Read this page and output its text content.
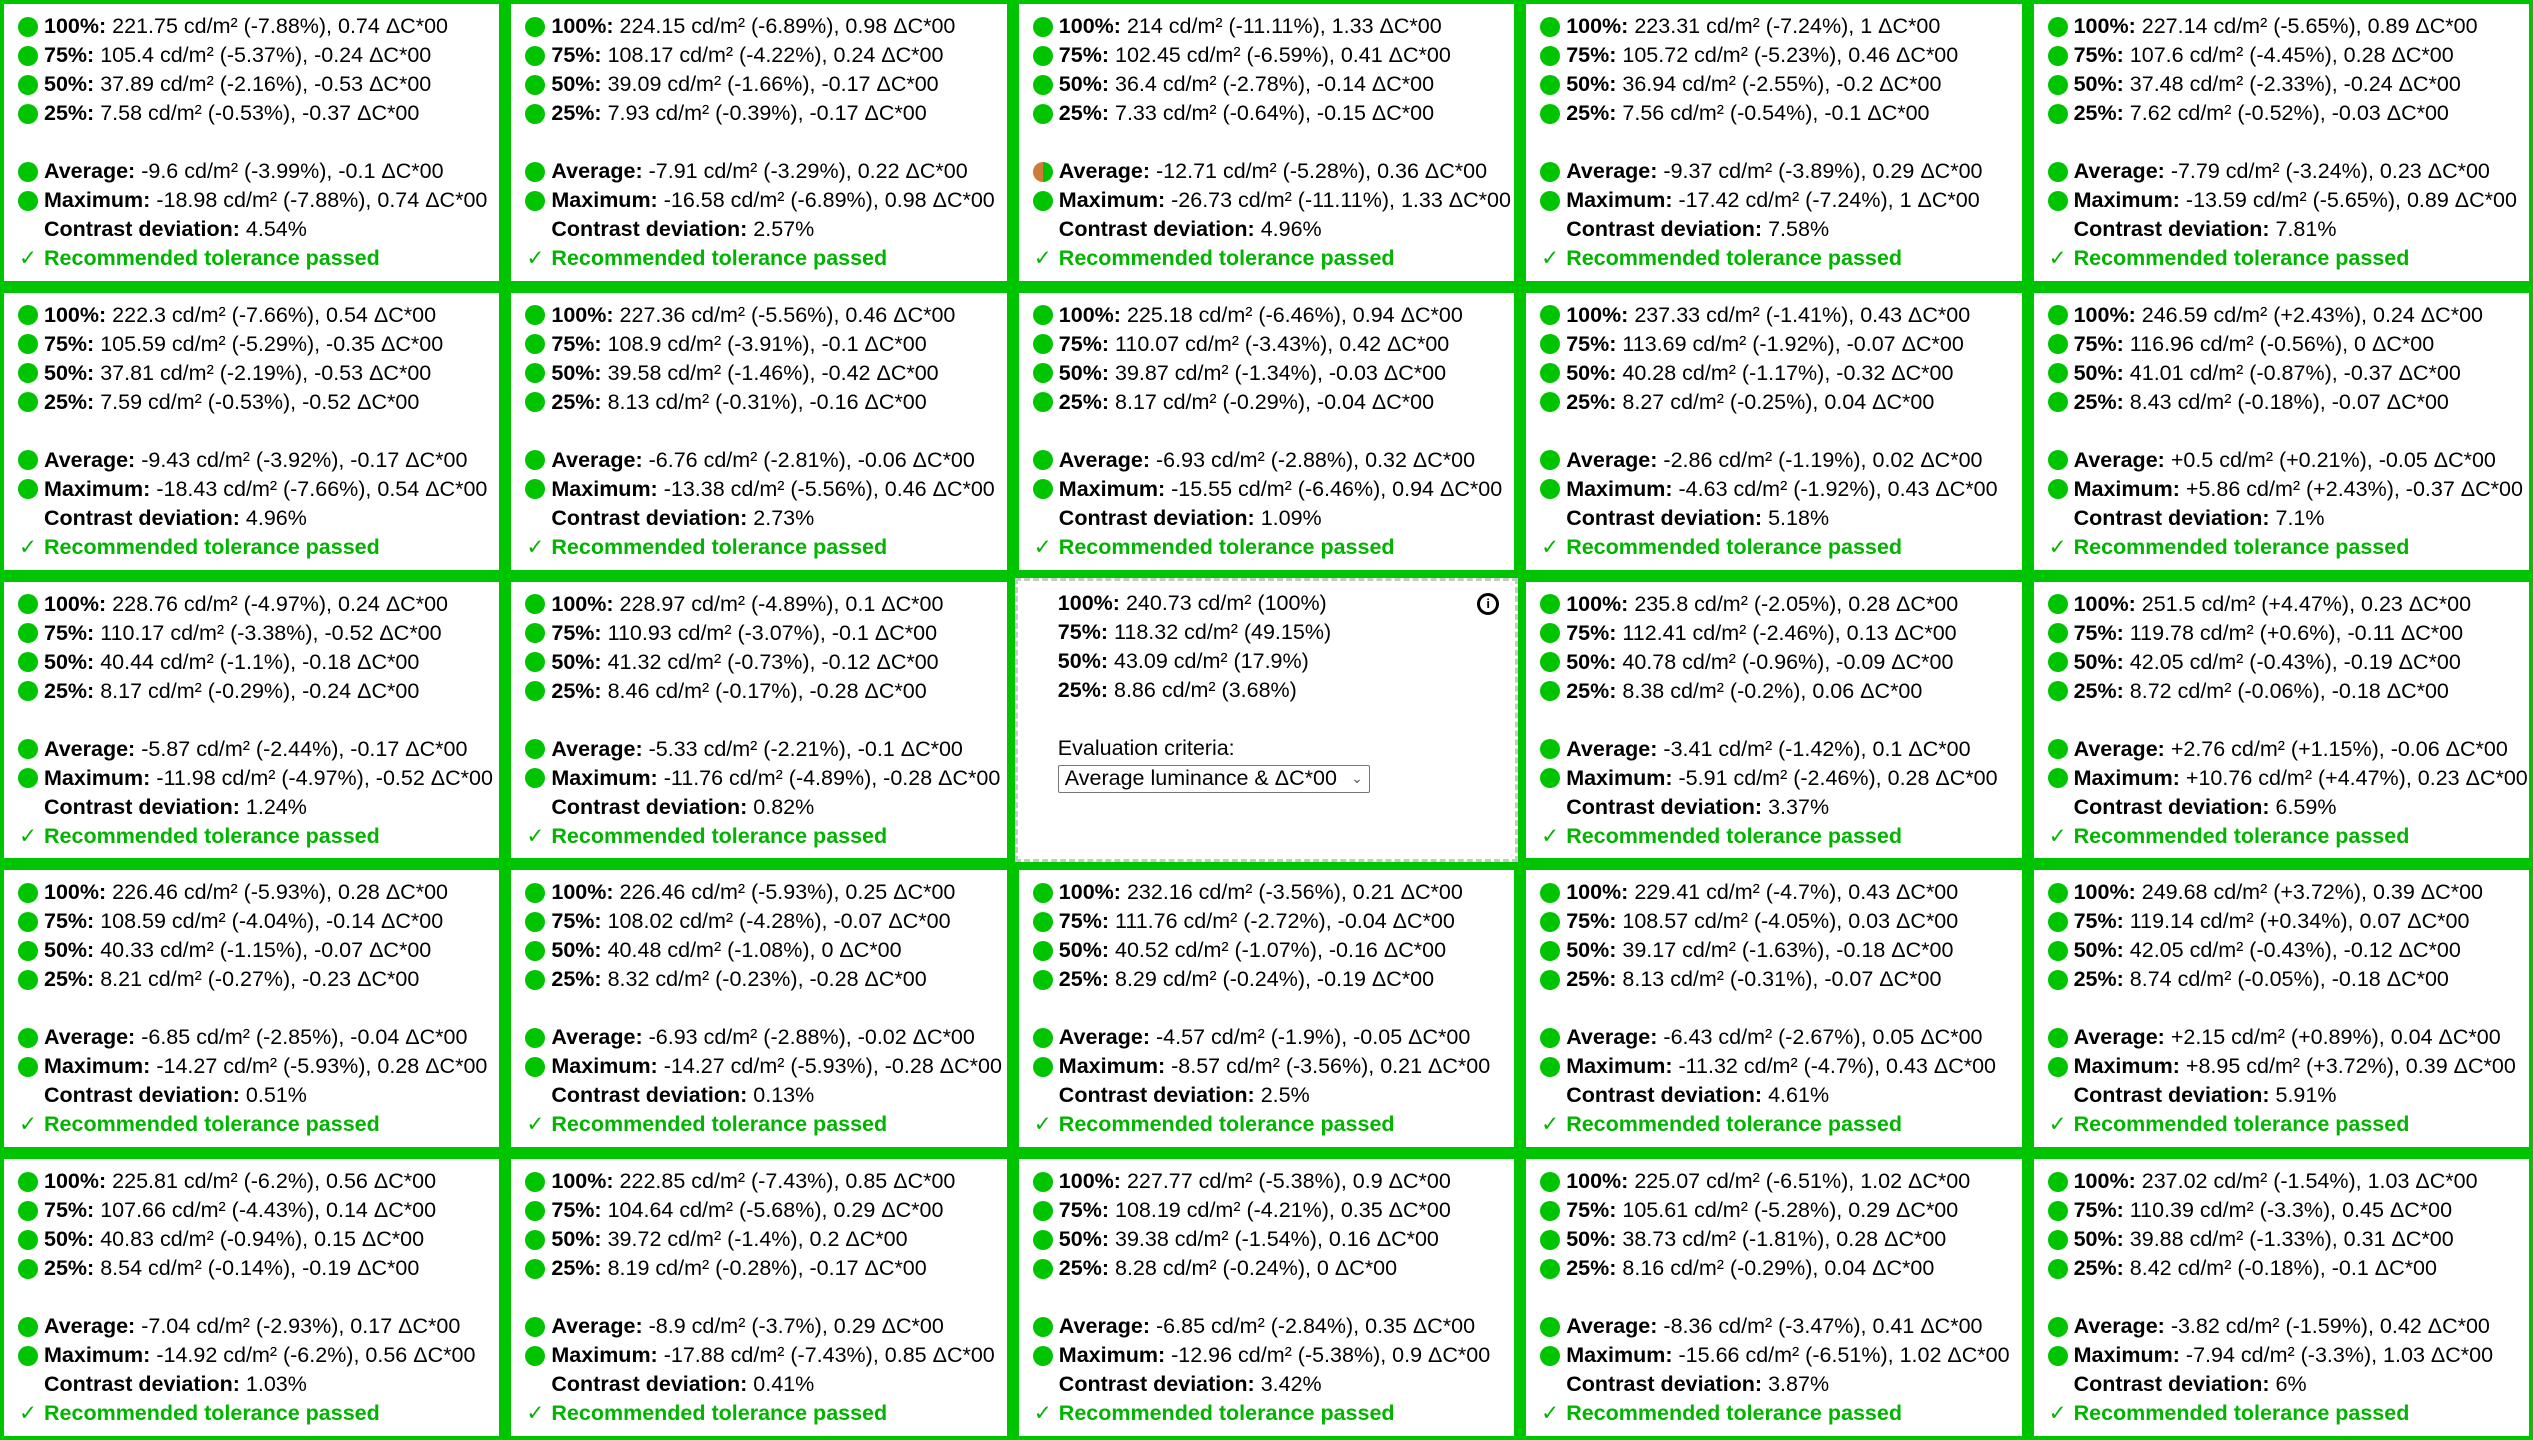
100%: 221.75 cd/m² (-7.88%), 0.74 ΔC*00
75%: 105.4 cd/m² (-5.37%), -0.24 ΔC*00
50%: 37.89 cd/m² (-2.16%), -0.53 ΔC*00
25%: 7.58 cd/m² (-0.53%), -0.37 ΔC*00
Average: -9.6 cd/m² (-3.99%), -0.1 ΔC*00
Maximum: -18.98 cd/m² (-7.88%), 0.74 ΔC*00
Contrast deviation: 4.54%
✓ Recommended tolerance passed
100%: 224.15 cd/m² (-6.89%), 0.98 ΔC*00
75%: 108.17 cd/m² (-4.22%), 0.24 ΔC*00
50%: 39.09 cd/m² (-1.66%), -0.17 ΔC*00
25%: 7.93 cd/m² (-0.39%), -0.17 ΔC*00
Average: -7.91 cd/m² (-3.29%), 0.22 ΔC*00
Maximum: -16.58 cd/m² (-6.89%), 0.98 ΔC*00
Contrast deviation: 2.57%
✓ Recommended tolerance passed
100%: 214 cd/m² (-11.11%), 1.33 ΔC*00
75%: 102.45 cd/m² (-6.59%), 0.41 ΔC*00
50%: 36.4 cd/m² (-2.78%), -0.14 ΔC*00
25%: 7.33 cd/m² (-0.64%), -0.15 ΔC*00
Average: -12.71 cd/m² (-5.28%), 0.36 ΔC*00
Maximum: -26.73 cd/m² (-11.11%), 1.33 ΔC*00
Contrast deviation: 4.96%
✓ Recommended tolerance passed
100%: 223.31 cd/m² (-7.24%), 1 ΔC*00
75%: 105.72 cd/m² (-5.23%), 0.46 ΔC*00
50%: 36.94 cd/m² (-2.55%), -0.2 ΔC*00
25%: 7.56 cd/m² (-0.54%), -0.1 ΔC*00
Average: -9.37 cd/m² (-3.89%), 0.29 ΔC*00
Maximum: -17.42 cd/m² (-7.24%), 1 ΔC*00
Contrast deviation: 7.58%
✓ Recommended tolerance passed
100%: 227.14 cd/m² (-5.65%), 0.89 ΔC*00
75%: 107.6 cd/m² (-4.45%), 0.28 ΔC*00
50%: 37.48 cd/m² (-2.33%), -0.24 ΔC*00
25%: 7.62 cd/m² (-0.52%), -0.03 ΔC*00
Average: -7.79 cd/m² (-3.24%), 0.23 ΔC*00
Maximum: -13.59 cd/m² (-5.65%), 0.89 ΔC*00
Contrast deviation: 7.81%
✓ Recommended tolerance passed
100%: 222.3 cd/m² (-7.66%), 0.54 ΔC*00
75%: 105.59 cd/m² (-5.29%), -0.35 ΔC*00
50%: 37.81 cd/m² (-2.19%), -0.53 ΔC*00
25%: 7.59 cd/m² (-0.53%), -0.52 ΔC*00
Average: -9.43 cd/m² (-3.92%), -0.17 ΔC*00
Maximum: -18.43 cd/m² (-7.66%), 0.54 ΔC*00
Contrast deviation: 4.96%
✓ Recommended tolerance passed
100%: 227.36 cd/m² (-5.56%), 0.46 ΔC*00
75%: 108.9 cd/m² (-3.91%), -0.1 ΔC*00
50%: 39.58 cd/m² (-1.46%), -0.42 ΔC*00
25%: 8.13 cd/m² (-0.31%), -0.16 ΔC*00
Average: -6.76 cd/m² (-2.81%), -0.06 ΔC*00
Maximum: -13.38 cd/m² (-5.56%), 0.46 ΔC*00
Contrast deviation: 2.73%
✓ Recommended tolerance passed
100%: 225.18 cd/m² (-6.46%), 0.94 ΔC*00
75%: 110.07 cd/m² (-3.43%), 0.42 ΔC*00
50%: 39.87 cd/m² (-1.34%), -0.03 ΔC*00
25%: 8.17 cd/m² (-0.29%), -0.04 ΔC*00
Average: -6.93 cd/m² (-2.88%), 0.32 ΔC*00
Maximum: -15.55 cd/m² (-6.46%), 0.94 ΔC*00
Contrast deviation: 1.09%
✓ Recommended tolerance passed
100%: 237.33 cd/m² (-1.41%), 0.43 ΔC*00
75%: 113.69 cd/m² (-1.92%), -0.07 ΔC*00
50%: 40.28 cd/m² (-1.17%), -0.32 ΔC*00
25%: 8.27 cd/m² (-0.25%), 0.04 ΔC*00
Average: -2.86 cd/m² (-1.19%), 0.02 ΔC*00
Maximum: -4.63 cd/m² (-1.92%), 0.43 ΔC*00
Contrast deviation: 5.18%
✓ Recommended tolerance passed
100%: 246.59 cd/m² (+2.43%), 0.24 ΔC*00
75%: 116.96 cd/m² (-0.56%), 0 ΔC*00
50%: 41.01 cd/m² (-0.87%), -0.37 ΔC*00
25%: 8.43 cd/m² (-0.18%), -0.07 ΔC*00
Average: +0.5 cd/m² (+0.21%), -0.05 ΔC*00
Maximum: +5.86 cd/m² (+2.43%), -0.37 ΔC*00
Contrast deviation: 7.1%
✓ Recommended tolerance passed
100%: 228.76 cd/m² (-4.97%), 0.24 ΔC*00
75%: 110.17 cd/m² (-3.38%), -0.52 ΔC*00
50%: 40.44 cd/m² (-1.1%), -0.18 ΔC*00
25%: 8.17 cd/m² (-0.29%), -0.24 ΔC*00
Average: -5.87 cd/m² (-2.44%), -0.17 ΔC*00
Maximum: -11.98 cd/m² (-4.97%), -0.52 ΔC*00
Contrast deviation: 1.24%
✓ Recommended tolerance passed
100%: 228.97 cd/m² (-4.89%), 0.1 ΔC*00
75%: 110.93 cd/m² (-3.07%), -0.1 ΔC*00
50%: 41.32 cd/m² (-0.73%), -0.12 ΔC*00
25%: 8.46 cd/m² (-0.17%), -0.28 ΔC*00
Average: -5.33 cd/m² (-2.21%), -0.1 ΔC*00
Maximum: -11.76 cd/m² (-4.89%), -0.28 ΔC*00
Contrast deviation: 0.82%
✓ Recommended tolerance passed
i
100%: 240.73 cd/m² (100%)
75%: 118.32 cd/m² (49.15%)
50%: 43.09 cd/m² (17.9%)
25%: 8.86 cd/m² (3.68%)
Evaluation criteria:
Average luminance & ΔC*00 ⌄
100%: 235.8 cd/m² (-2.05%), 0.28 ΔC*00
75%: 112.41 cd/m² (-2.46%), 0.13 ΔC*00
50%: 40.78 cd/m² (-0.96%), -0.09 ΔC*00
25%: 8.38 cd/m² (-0.2%), 0.06 ΔC*00
Average: -3.41 cd/m² (-1.42%), 0.1 ΔC*00
Maximum: -5.91 cd/m² (-2.46%), 0.28 ΔC*00
Contrast deviation: 3.37%
✓ Recommended tolerance passed
100%: 251.5 cd/m² (+4.47%), 0.23 ΔC*00
75%: 119.78 cd/m² (+0.6%), -0.11 ΔC*00
50%: 42.05 cd/m² (-0.43%), -0.19 ΔC*00
25%: 8.72 cd/m² (-0.06%), -0.18 ΔC*00
Average: +2.76 cd/m² (+1.15%), -0.06 ΔC*00
Maximum: +10.76 cd/m² (+4.47%), 0.23 ΔC*00
Contrast deviation: 6.59%
✓ Recommended tolerance passed
100%: 226.46 cd/m² (-5.93%), 0.28 ΔC*00
75%: 108.59 cd/m² (-4.04%), -0.14 ΔC*00
50%: 40.33 cd/m² (-1.15%), -0.07 ΔC*00
25%: 8.21 cd/m² (-0.27%), -0.23 ΔC*00
Average: -6.85 cd/m² (-2.85%), -0.04 ΔC*00
Maximum: -14.27 cd/m² (-5.93%), 0.28 ΔC*00
Contrast deviation: 0.51%
✓ Recommended tolerance passed
100%: 226.46 cd/m² (-5.93%), 0.25 ΔC*00
75%: 108.02 cd/m² (-4.28%), -0.07 ΔC*00
50%: 40.48 cd/m² (-1.08%), 0 ΔC*00
25%: 8.32 cd/m² (-0.23%), -0.28 ΔC*00
Average: -6.93 cd/m² (-2.88%), -0.02 ΔC*00
Maximum: -14.27 cd/m² (-5.93%), -0.28 ΔC*00
Contrast deviation: 0.13%
✓ Recommended tolerance passed
100%: 232.16 cd/m² (-3.56%), 0.21 ΔC*00
75%: 111.76 cd/m² (-2.72%), -0.04 ΔC*00
50%: 40.52 cd/m² (-1.07%), -0.16 ΔC*00
25%: 8.29 cd/m² (-0.24%), -0.19 ΔC*00
Average: -4.57 cd/m² (-1.9%), -0.05 ΔC*00
Maximum: -8.57 cd/m² (-3.56%), 0.21 ΔC*00
Contrast deviation: 2.5%
✓ Recommended tolerance passed
100%: 229.41 cd/m² (-4.7%), 0.43 ΔC*00
75%: 108.57 cd/m² (-4.05%), 0.03 ΔC*00
50%: 39.17 cd/m² (-1.63%), -0.18 ΔC*00
25%: 8.13 cd/m² (-0.31%), -0.07 ΔC*00
Average: -6.43 cd/m² (-2.67%), 0.05 ΔC*00
Maximum: -11.32 cd/m² (-4.7%), 0.43 ΔC*00
Contrast deviation: 4.61%
✓ Recommended tolerance passed
100%: 249.68 cd/m² (+3.72%), 0.39 ΔC*00
75%: 119.14 cd/m² (+0.34%), 0.07 ΔC*00
50%: 42.05 cd/m² (-0.43%), -0.12 ΔC*00
25%: 8.74 cd/m² (-0.05%), -0.18 ΔC*00
Average: +2.15 cd/m² (+0.89%), 0.04 ΔC*00
Maximum: +8.95 cd/m² (+3.72%), 0.39 ΔC*00
Contrast deviation: 5.91%
✓ Recommended tolerance passed
100%: 225.81 cd/m² (-6.2%), 0.56 ΔC*00
75%: 107.66 cd/m² (-4.43%), 0.14 ΔC*00
50%: 40.83 cd/m² (-0.94%), 0.15 ΔC*00
25%: 8.54 cd/m² (-0.14%), -0.19 ΔC*00
Average: -7.04 cd/m² (-2.93%), 0.17 ΔC*00
Maximum: -14.92 cd/m² (-6.2%), 0.56 ΔC*00
Contrast deviation: 1.03%
✓ Recommended tolerance passed
100%: 222.85 cd/m² (-7.43%), 0.85 ΔC*00
75%: 104.64 cd/m² (-5.68%), 0.29 ΔC*00
50%: 39.72 cd/m² (-1.4%), 0.2 ΔC*00
25%: 8.19 cd/m² (-0.28%), -0.17 ΔC*00
Average: -8.9 cd/m² (-3.7%), 0.29 ΔC*00
Maximum: -17.88 cd/m² (-7.43%), 0.85 ΔC*00
Contrast deviation: 0.41%
✓ Recommended tolerance passed
100%: 227.77 cd/m² (-5.38%), 0.9 ΔC*00
75%: 108.19 cd/m² (-4.21%), 0.35 ΔC*00
50%: 39.38 cd/m² (-1.54%), 0.16 ΔC*00
25%: 8.28 cd/m² (-0.24%), 0 ΔC*00
Average: -6.85 cd/m² (-2.84%), 0.35 ΔC*00
Maximum: -12.96 cd/m² (-5.38%), 0.9 ΔC*00
Contrast deviation: 3.42%
✓ Recommended tolerance passed
100%: 225.07 cd/m² (-6.51%), 1.02 ΔC*00
75%: 105.61 cd/m² (-5.28%), 0.29 ΔC*00
50%: 38.73 cd/m² (-1.81%), 0.28 ΔC*00
25%: 8.16 cd/m² (-0.29%), 0.04 ΔC*00
Average: -8.36 cd/m² (-3.47%), 0.41 ΔC*00
Maximum: -15.66 cd/m² (-6.51%), 1.02 ΔC*00
Contrast deviation: 3.87%
✓ Recommended tolerance passed
100%: 237.02 cd/m² (-1.54%), 1.03 ΔC*00
75%: 110.39 cd/m² (-3.3%), 0.45 ΔC*00
50%: 39.88 cd/m² (-1.33%), 0.31 ΔC*00
25%: 8.42 cd/m² (-0.18%), -0.1 ΔC*00
Average: -3.82 cd/m² (-1.59%), 0.42 ΔC*00
Maximum: -7.94 cd/m² (-3.3%), 1.03 ΔC*00
Contrast deviation: 6%
✓ Recommended tolerance passed
